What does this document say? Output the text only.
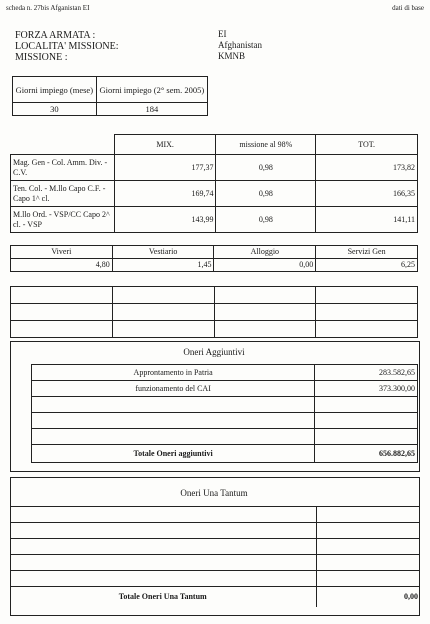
scheda n. 27bis Afganistan EI	dati di base
FORZA ARMATA :	EI
LOCALITA' MISSIONE:	Afghanistan
MISSIONE :	KMNB
Giorni impiego (mese)	Giorni impiego (2° sem. 2005)
30	184
	MIX.	missione al 98%	TOT.
Mag. Gen - Col. Amm. Div. - C.V.	177,37	0,98	173,82
Ten. Col. - M.llo Capo C.F. - Capo 1^ cl.	169,74	0,98	166,35
M.llo Ord. - VSP/CC Capo 2^ cl. - VSP	143,99	0,98	141,11
Viveri	Vestiario	Alloggio	Servizi Gen
4,80	1,45	0,00	6,25

Oneri Aggiuntivi
Approntamento in Patria	283.582,65
funzionamento del CAI	373.300,00

Totale Oneri aggiuntivi	656.882,65
Oneri Una Tantum

Totale Oneri Una Tantum	0,00
